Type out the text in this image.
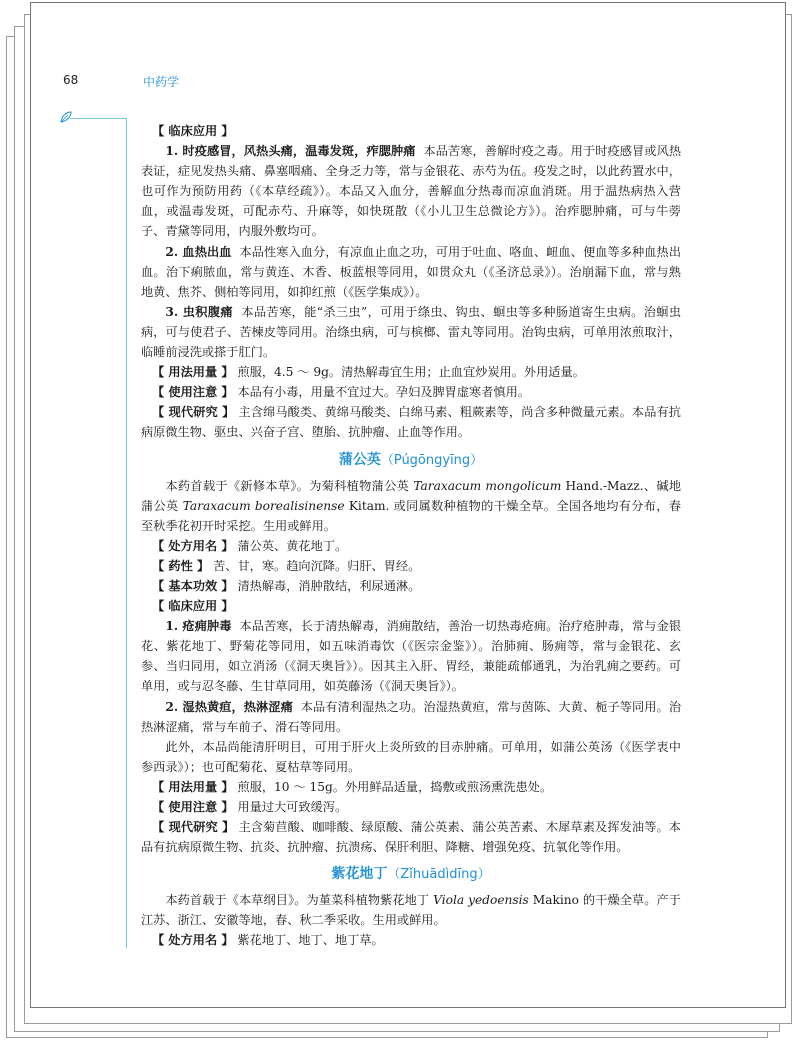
68	中药学

【 临床应用 】

1. 时疫感冒，风热头痛，温毒发斑，痄腮肿痛 本品苦寒，善解时疫之毒。用于时疫感冒或风热表证，症见发热头痛、鼻塞咽痛、全身乏力等，常与金银花、赤芍为伍。疫发之时，以此药置水中，也可作为预防用药（《本草经疏》）。本品又入血分，善解血分热毒而凉血消斑。用于温热病热入营血，或温毒发斑，可配赤芍、升麻等，如快斑散（《小儿卫生总微论方》）。治痄腮肿痛，可与牛蒡子、青黛等同用，内服外敷均可。

2. 血热出血 本品性寒入血分，有凉血止血之功，可用于吐血、咯血、衄血、便血等多种血热出血。治下痢脓血，常与黄连、木香、板蓝根等同用，如贯众丸（《圣济总录》）。治崩漏下血，常与熟地黄、焦芥、侧柏等同用，如抑红煎（《医学集成》）。

3. 虫积腹痛 本品苦寒，能“杀三虫”，可用于绦虫、钩虫、蛔虫等多种肠道寄生虫病。治蛔虫病，可与使君子、苦楝皮等同用。治绦虫病，可与槟榔、雷丸等同用。治钩虫病，可单用浓煎取汁，临睡前浸洗或搽于肛门。

【 用法用量 】 煎服，4.5 ～ 9g。清热解毒宜生用；止血宜炒炭用。外用适量。

【 使用注意 】 本品有小毒，用量不宜过大。孕妇及脾胃虚寒者慎用。

【 现代研究 】 主含绵马酸类、黄绵马酸类、白绵马素、粗蕨素等，尚含多种微量元素。本品有抗病原微生物、驱虫、兴奋子宫、堕胎、抗肿瘤、止血等作用。

蒲公英（Púgōngyīng）

本药首载于《新修本草》。为菊科植物蒲公英 Taraxacum mongolicum Hand.-Mazz.、碱地蒲公英 Taraxacum borealisinense Kitam. 或同属数种植物的干燥全草。全国各地均有分布，春至秋季花初开时采挖。生用或鲜用。

【 处方用名 】 蒲公英、黄花地丁。

【 药性 】 苦、甘，寒。趋向沉降。归肝、胃经。

【 基本功效 】 清热解毒，消肿散结，利尿通淋。

【 临床应用 】

1. 疮痈肿毒 本品苦寒，长于清热解毒，消痈散结，善治一切热毒疮痈。治疗疮肿毒，常与金银花、紫花地丁、野菊花等同用，如五味消毒饮（《医宗金鉴》）。治肺痈、肠痈等，常与金银花、玄参、当归同用，如立消汤（《洞天奥旨》）。因其主入肝、胃经，兼能疏郁通乳，为治乳痈之要药。可单用，或与忍冬藤、生甘草同用，如英藤汤（《洞天奥旨》）。

2. 湿热黄疸，热淋涩痛 本品有清利湿热之功。治湿热黄疸，常与茵陈、大黄、栀子等同用。治热淋涩痛，常与车前子、滑石等同用。

此外，本品尚能清肝明目，可用于肝火上炎所致的目赤肿痛。可单用，如蒲公英汤（《医学衷中参西录》）；也可配菊花、夏枯草等同用。

【 用法用量 】 煎服，10 ～ 15g。外用鲜品适量，捣敷或煎汤熏洗患处。

【 使用注意 】 用量过大可致缓泻。

【 现代研究 】 主含菊苣酸、咖啡酸、绿原酸、蒲公英素、蒲公英苦素、木犀草素及挥发油等。本品有抗病原微生物、抗炎、抗肿瘤、抗溃疡、保肝利胆、降糖、增强免疫、抗氧化等作用。

紫花地丁（Zǐhuādìdīng）

本药首载于《本草纲目》。为堇菜科植物紫花地丁 Viola yedoensis Makino 的干燥全草。产于江苏、浙江、安徽等地，春、秋二季采收。生用或鲜用。

【 处方用名 】 紫花地丁、地丁、地丁草。
